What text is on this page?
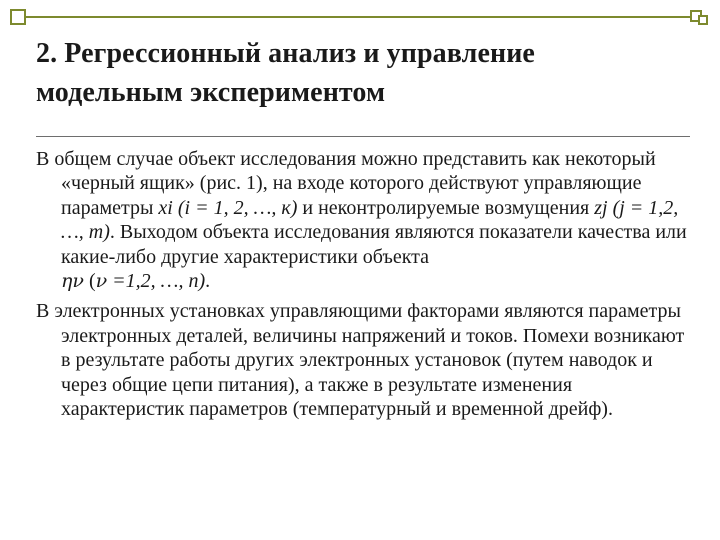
2. Регрессионный анализ и управление
модельным экспериментом

В общем случае объект исследования можно представить как некоторый «черный ящик» (рис. 1), на входе которого действуют управляющие параметры xi (i = 1, 2, …, к) и неконтролируемые возмущения zj (j = 1,2, …, m). Выходом объекта исследования являются показатели качества или какие-либо другие характеристики объекта
ην (ν =1,2, …, n).

В электронных установках управляющими факторами являются параметры электронных деталей, величины напряжений и токов. Помехи возникают в результате работы других электронных установок (путем наводок и через общие цепи питания), а также в результате изменения характеристик параметров (температурный и временной дрейф).
